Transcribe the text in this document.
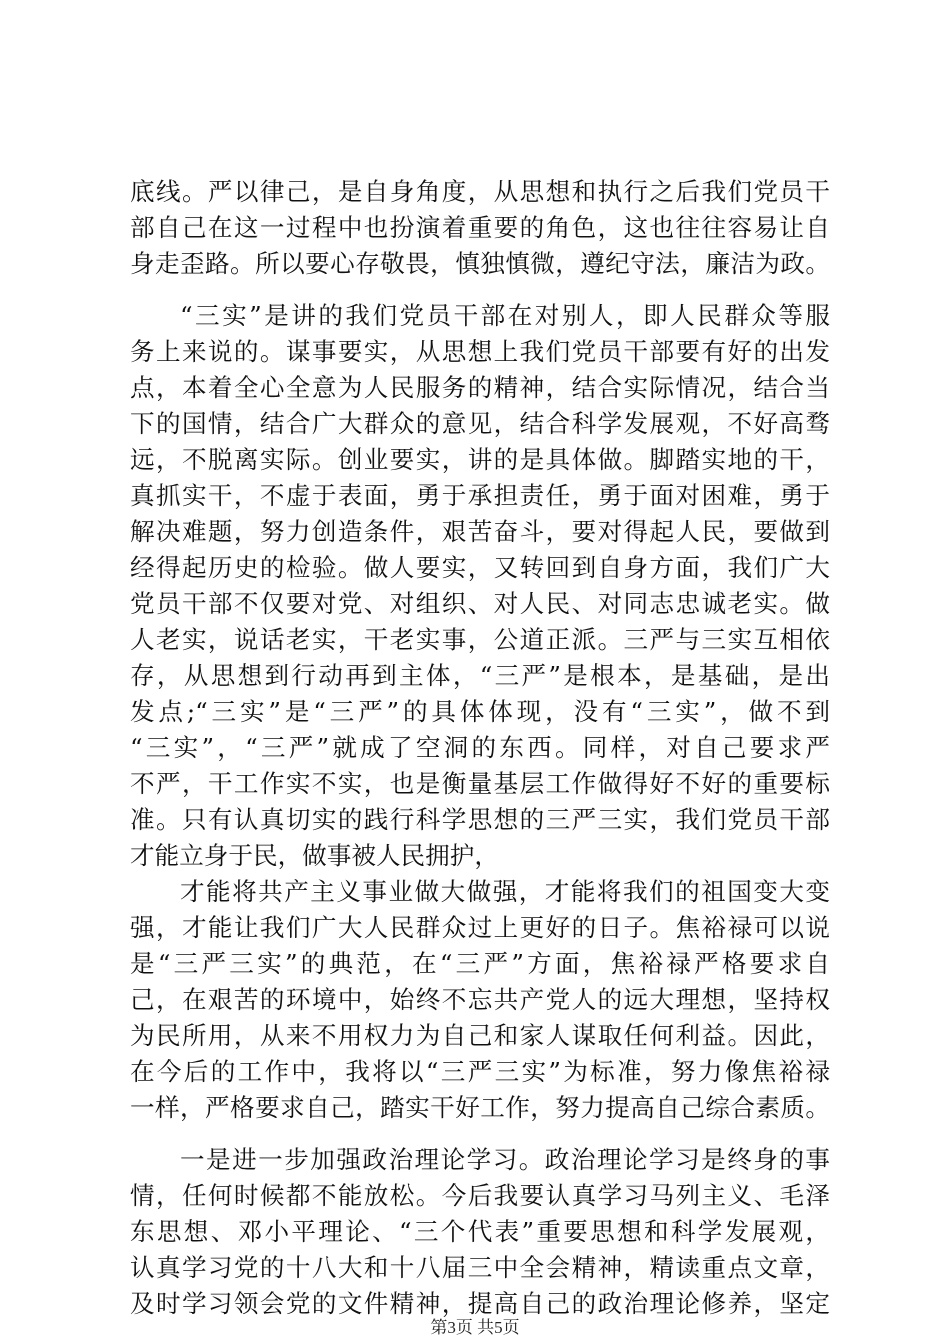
底线。严以律己，是自身角度，从思想和执行之后我们党员干
部自己在这一过程中也扮演着重要的角色，这也往往容易让自
身走歪路。所以要心存敬畏，慎独慎微，遵纪守法，廉洁为政。
“三实”是讲的我们党员干部在对别人，即人民群众等服
务上来说的。谋事要实，从思想上我们党员干部要有好的出发
点，本着全心全意为人民服务的精神，结合实际情况，结合当
下的国情，结合广大群众的意见，结合科学发展观，不好高骛
远，不脱离实际。创业要实，讲的是具体做。脚踏实地的干，
真抓实干，不虚于表面，勇于承担责任，勇于面对困难，勇于
解决难题，努力创造条件，艰苦奋斗，要对得起人民，要做到
经得起历史的检验。做人要实，又转回到自身方面，我们广大
党员干部不仅要对党、对组织、对人民、对同志忠诚老实。做
人老实，说话老实，干老实事，公道正派。三严与三实互相依
存，从思想到行动再到主体，“三严”是根本，是基础，是出
发点;“三实”是“三严”的具体体现，没有“三实”，做不到
“三实”，“三严”就成了空洞的东西。同样，对自己要求严
不严，干工作实不实，也是衡量基层工作做得好不好的重要标
准。只有认真切实的践行科学思想的三严三实，我们党员干部
才能立身于民，做事被人民拥护，
才能将共产主义事业做大做强，才能将我们的祖国变大变
强，才能让我们广大人民群众过上更好的日子。焦裕禄可以说
是“三严三实”的典范，在“三严”方面，焦裕禄严格要求自
己，在艰苦的环境中，始终不忘共产党人的远大理想，坚持权
为民所用，从来不用权力为自己和家人谋取任何利益。因此，
在今后的工作中，我将以“三严三实”为标准，努力像焦裕禄
一样，严格要求自己，踏实干好工作，努力提高自己综合素质。
一是进一步加强政治理论学习。政治理论学习是终身的事
情，任何时候都不能放松。今后我要认真学习马列主义、毛泽
东思想、邓小平理论、“三个代表”重要思想和科学发展观，
认真学习党的十八大和十八届三中全会精神，精读重点文章，
及时学习领会党的文件精神，提高自己的政治理论修养，坚定
第3页 共5页
